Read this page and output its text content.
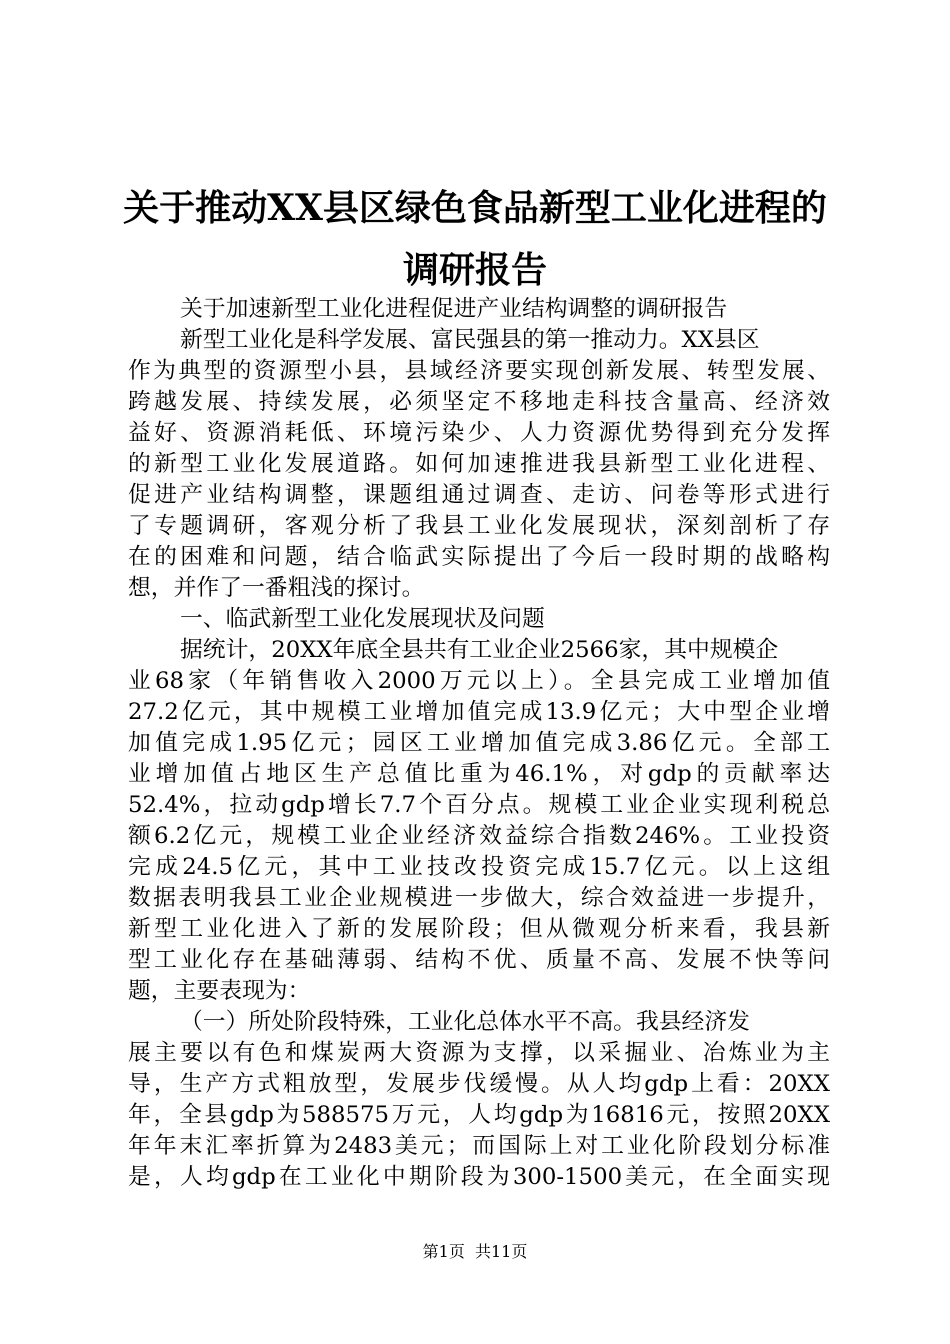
关于推动XX县区绿色食品新型工业化进程的
调研报告
关于加速新型工业化进程促进产业结构调整的调研报告
新型工业化是科学发展、富民强县的第一推动力。XX县区
作为典型的资源型小县，县域经济要实现创新发展、转型发展、
跨越发展、持续发展，必须坚定不移地走科技含量高、经济效
益好、资源消耗低、环境污染少、人力资源优势得到充分发挥
的新型工业化发展道路。如何加速推进我县新型工业化进程、
促进产业结构调整，课题组通过调查、走访、问卷等形式进行
了专题调研，客观分析了我县工业化发展现状，深刻剖析了存
在的困难和问题，结合临武实际提出了今后一段时期的战略构
想，并作了一番粗浅的探讨。
一、临武新型工业化发展现状及问题
据统计，20XX年底全县共有工业企业2566家，其中规模企
业68家（年销售收入2000万元以上）。全县完成工业增加值
27.2亿元，其中规模工业增加值完成13.9亿元；大中型企业增
加值完成1.95亿元；园区工业增加值完成3.86亿元。全部工
业增加值占地区生产总值比重为46.1%，对gdp的贡献率达
52.4%，拉动gdp增长7.7个百分点。规模工业企业实现利税总
额6.2亿元，规模工业企业经济效益综合指数246%。工业投资
完成24.5亿元，其中工业技改投资完成15.7亿元。以上这组
数据表明我县工业企业规模进一步做大，综合效益进一步提升，
新型工业化进入了新的发展阶段；但从微观分析来看，我县新
型工业化存在基础薄弱、结构不优、质量不高、发展不快等问
题，主要表现为：
（一）所处阶段特殊，工业化总体水平不高。我县经济发
展主要以有色和煤炭两大资源为支撑，以采掘业、冶炼业为主
导，生产方式粗放型，发展步伐缓慢。从人均gdp上看：20XX
年，全县gdp为588575万元，人均gdp为16816元，按照20XX
年年末汇率折算为2483美元；而国际上对工业化阶段划分标准
是，人均gdp在工业化中期阶段为300-1500美元，在全面实现
第1页  共11页
